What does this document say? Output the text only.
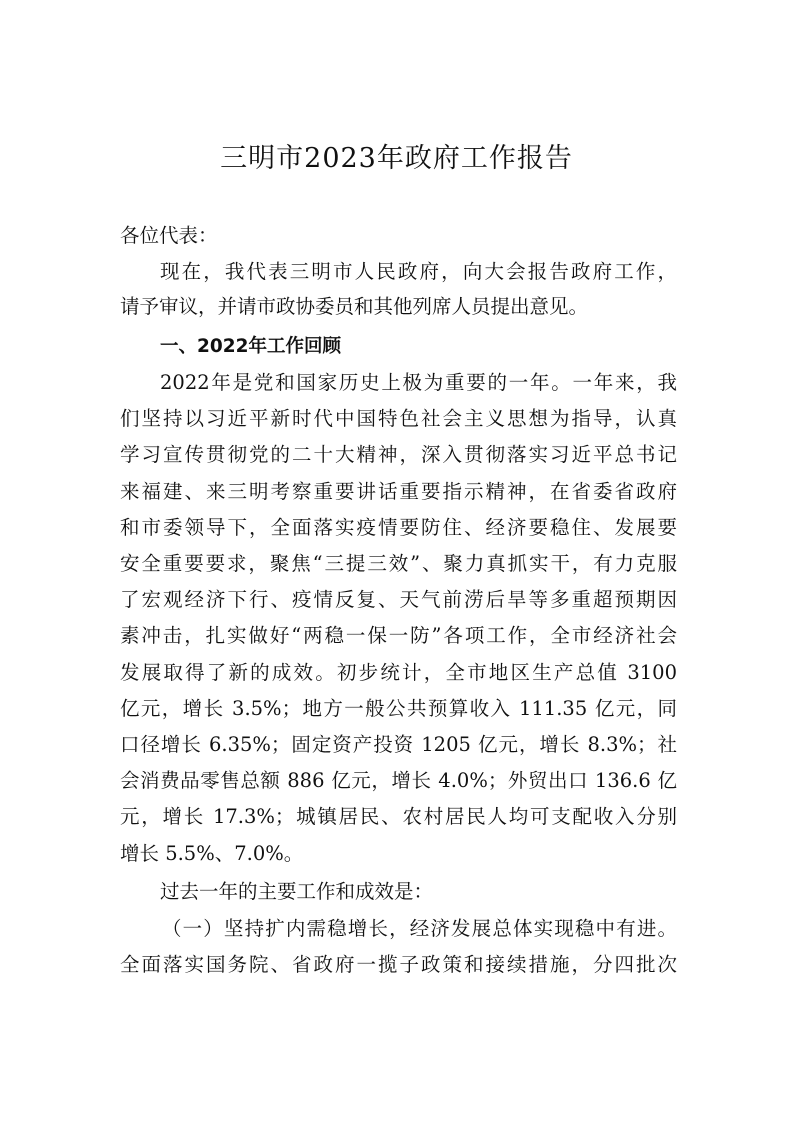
三明市2023年政府工作报告
各位代表：
现在，我代表三明市人民政府，向大会报告政府工作，
请予审议，并请市政协委员和其他列席人员提出意见。
一、2022年工作回顾
2022年是党和国家历史上极为重要的一年。一年来，我
们坚持以习近平新时代中国特色社会主义思想为指导，认真
学习宣传贯彻党的二十大精神，深入贯彻落实习近平总书记
来福建、来三明考察重要讲话重要指示精神，在省委省政府
和市委领导下，全面落实疫情要防住、经济要稳住、发展要
安全重要要求，聚焦“三提三效”、聚力真抓实干，有力克服
了宏观经济下行、疫情反复、天气前涝后旱等多重超预期因
素冲击，扎实做好“两稳一保一防”各项工作，全市经济社会
发展取得了新的成效。初步统计，全市地区生产总值 3100
亿元，增长 3.5%；地方一般公共预算收入 111.35 亿元，同
口径增长 6.35%；固定资产投资 1205 亿元，增长 8.3%；社
会消费品零售总额 886 亿元，增长 4.0%；外贸出口 136.6 亿
元，增长 17.3%；城镇居民、农村居民人均可支配收入分别
增长 5.5%、7.0%。
过去一年的主要工作和成效是：
（一）坚持扩内需稳增长，经济发展总体实现稳中有进。
全面落实国务院、省政府一揽子政策和接续措施，分四批次
